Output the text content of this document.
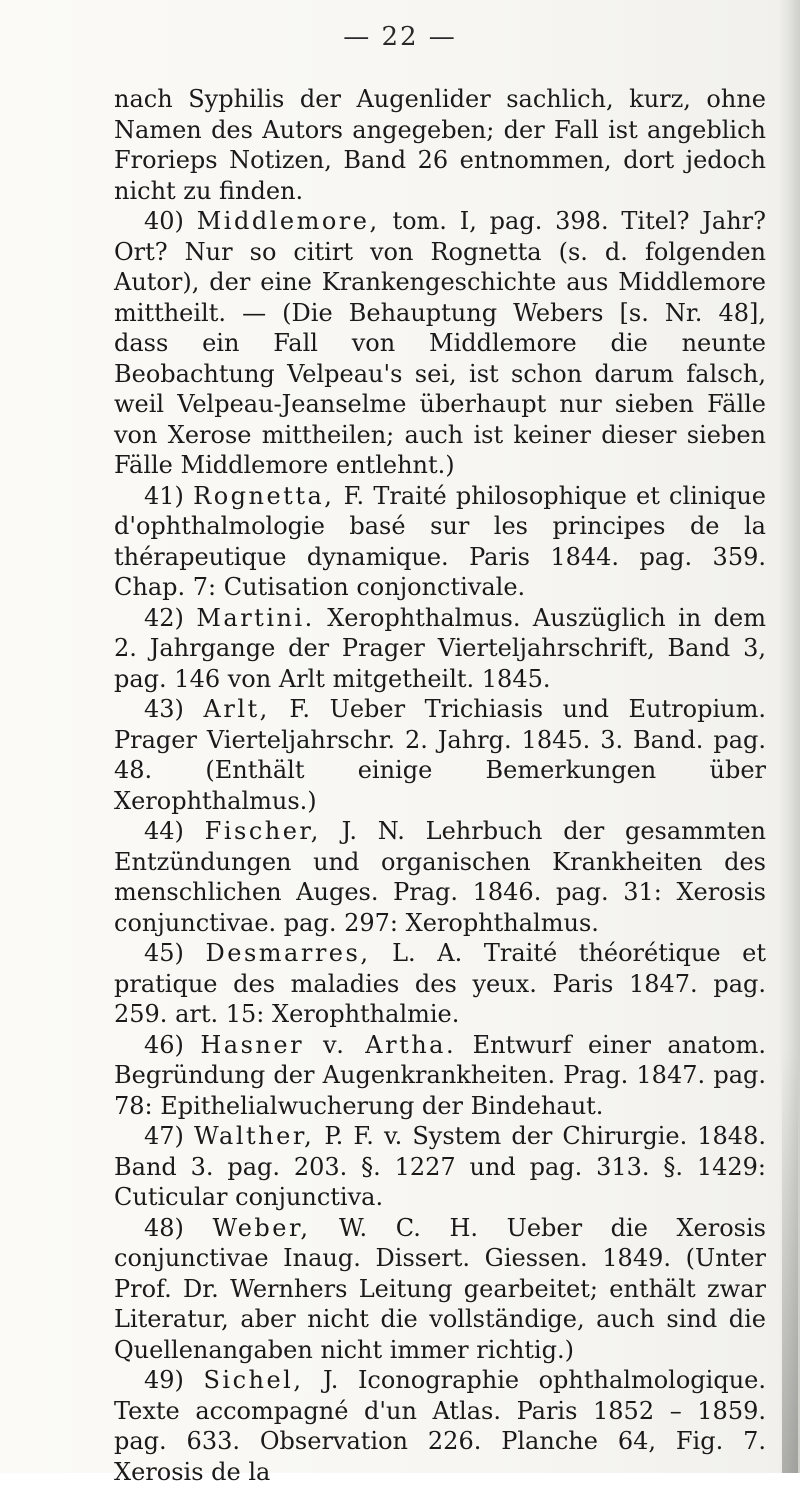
— 22 —

nach Syphilis der Augenlider sachlich, kurz, ohne Namen des Autors angegeben; der Fall ist angeblich Frorieps Notizen, Band 26 entnommen, dort jedoch nicht zu finden.

40) Middlemore, tom. I, pag. 398. Titel? Jahr? Ort? Nur so citirt von Rognetta (s. d. folgenden Autor), der eine Krankengeschichte aus Middlemore mittheilt. — (Die Behauptung Webers [s. Nr. 48], dass ein Fall von Middlemore die neunte Beobachtung Velpeau's sei, ist schon darum falsch, weil Velpeau-Jeanselme überhaupt nur sieben Fälle von Xerose mittheilen; auch ist keiner dieser sieben Fälle Middlemore entlehnt.)

41) Rognetta, F. Traité philosophique et clinique d'ophthalmologie basé sur les principes de la thérapeutique dynamique. Paris 1844. pag. 359. Chap. 7: Cutisation conjonctivale.

42) Martini. Xerophthalmus. Auszüglich in dem 2. Jahrgange der Prager Vierteljahrschrift, Band 3, pag. 146 von Arlt mitgetheilt. 1845.

43) Arlt, F. Ueber Trichiasis und Eutropium. Prager Vierteljahrschr. 2. Jahrg. 1845. 3. Band. pag. 48. (Enthält einige Bemerkungen über Xerophthalmus.)

44) Fischer, J. N. Lehrbuch der gesammten Entzündungen und organischen Krankheiten des menschlichen Auges. Prag. 1846. pag. 31: Xerosis conjunctivae. pag. 297: Xerophthalmus.

45) Desmarres, L. A. Traité théorétique et pratique des maladies des yeux. Paris 1847. pag. 259. art. 15: Xerophthalmie.

46) Hasner v. Artha. Entwurf einer anatom. Begründung der Augenkrankheiten. Prag. 1847. pag. 78: Epithelialwucherung der Bindehaut.

47) Walther, P. F. v. System der Chirurgie. 1848. Band 3. pag. 203. §. 1227 und pag. 313. §. 1429: Cuticular conjunctiva.

48) Weber, W. C. H. Ueber die Xerosis conjunctivae Inaug. Dissert. Giessen. 1849. (Unter Prof. Dr. Wernhers Leitung gearbeitet; enthält zwar Literatur, aber nicht die vollständige, auch sind die Quellenangaben nicht immer richtig.)

49) Sichel, J. Iconographie ophthalmologique. Texte accompagné d'un Atlas. Paris 1852 – 1859. pag. 633. Observation 226. Planche 64, Fig. 7. Xerosis de la
